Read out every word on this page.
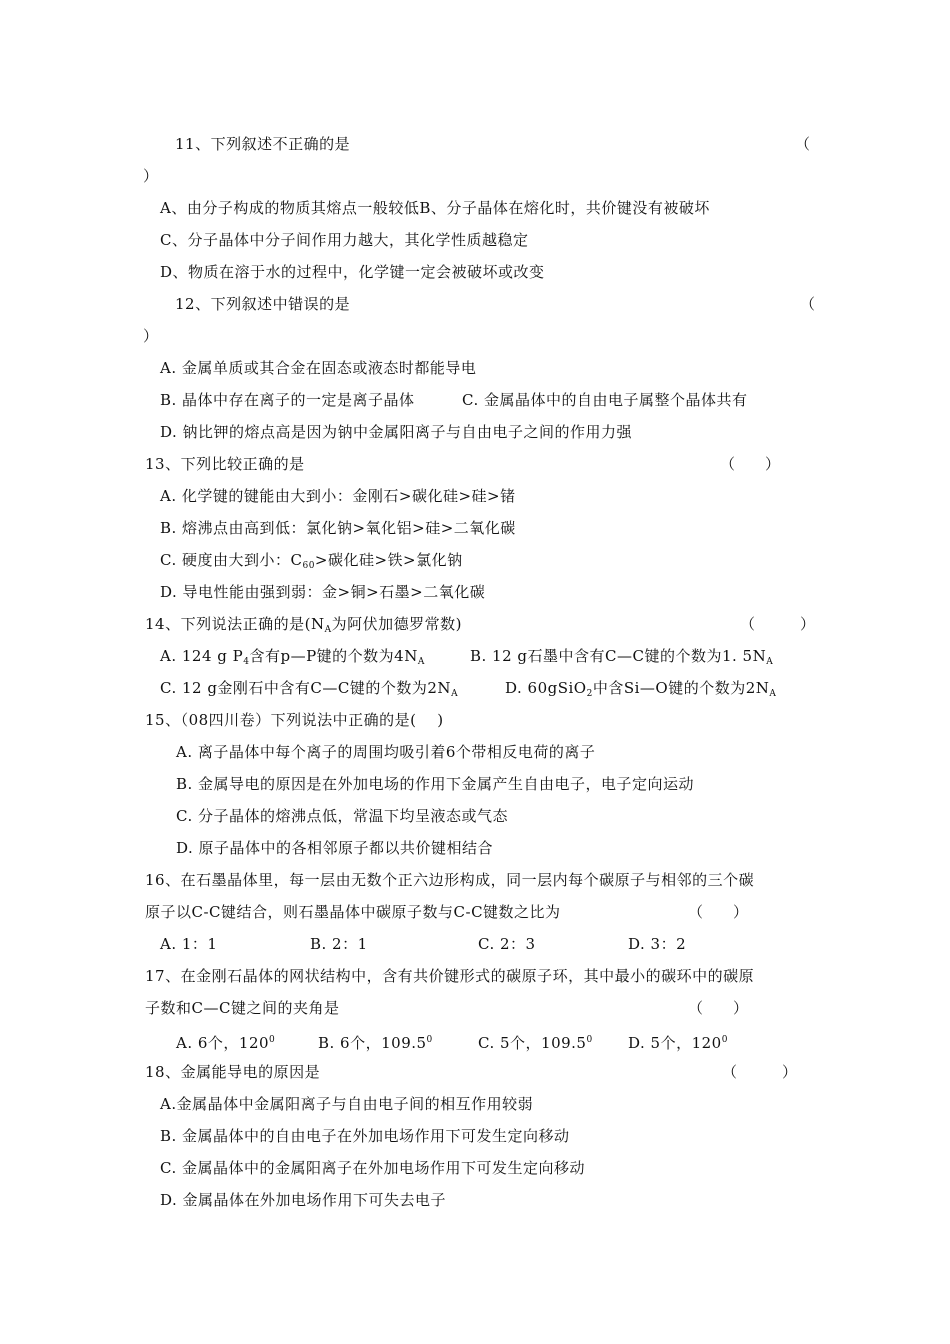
11、下列叙述不正确的是	（
）
A、由分子构成的物质其熔点一般较低B、分子晶体在熔化时，共价键没有被破坏
C、分子晶体中分子间作用力越大，其化学性质越稳定
D、物质在溶于水的过程中，化学键一定会被破坏或改变
12、下列叙述中错误的是	（
）
A. 金属单质或其合金在固态或液态时都能导电
B. 晶体中存在离子的一定是离子晶体	C. 金属晶体中的自由电子属整个晶体共有
D. 钠比钾的熔点高是因为钠中金属阳离子与自由电子之间的作用力强
13、下列比较正确的是	（　　）
A. 化学键的键能由大到小：金刚石>碳化硅>硅>锗
B. 熔沸点由高到低：氯化钠>氧化铝>硅>二氧化碳
C. 硬度由大到小：$C_{60}>$碳化硅>铁>氯化钠
D. 导电性能由强到弱：金>铜>石墨>二氧化碳
14、下列说法正确的是($N_A$为阿伏加德罗常数)	（　　　）
A. 124 g $P_4$含有p—P键的个数为$4N_A$	B. 12 g石墨中含有C—C键的个数为1. $5N_A$
C. 12 g金刚石中含有C—C键的个数为$2N_A$	D. 60gSiO$_2$中含Si—O键的个数为$2N_A$
15、（08四川卷）下列说法中正确的是(　 )
A. 离子晶体中每个离子的周围均吸引着6个带相反电荷的离子
B. 金属导电的原因是在外加电场的作用下金属产生自由电子，电子定向运动
C. 分子晶体的熔沸点低，常温下均呈液态或气态
D. 原子晶体中的各相邻原子都以共价键相结合
16、在石墨晶体里，每一层由无数个正六边形构成，同一层内每个碳原子与相邻的三个碳
原子以C-C键结合，则石墨晶体中碳原子数与C-C键数之比为	（　　）
A. 1：1	B. 2：1	C. 2：3	D. 3：2
17、在金刚石晶体的网状结构中，含有共价键形式的碳原子环，其中最小的碳环中的碳原
子数和C—C键之间的夹角是	（　　）
A. 6个，$120^0$	B. 6个，109.5$^0$	C. 5个，109.5$^0$ D. 5个，$120^0$
18、金属能导电的原因是	（　　　）
A.金属晶体中金属阳离子与自由电子间的相互作用较弱
B. 金属晶体中的自由电子在外加电场作用下可发生定向移动
C. 金属晶体中的金属阳离子在外加电场作用下可发生定向移动
D. 金属晶体在外加电场作用下可失去电子
